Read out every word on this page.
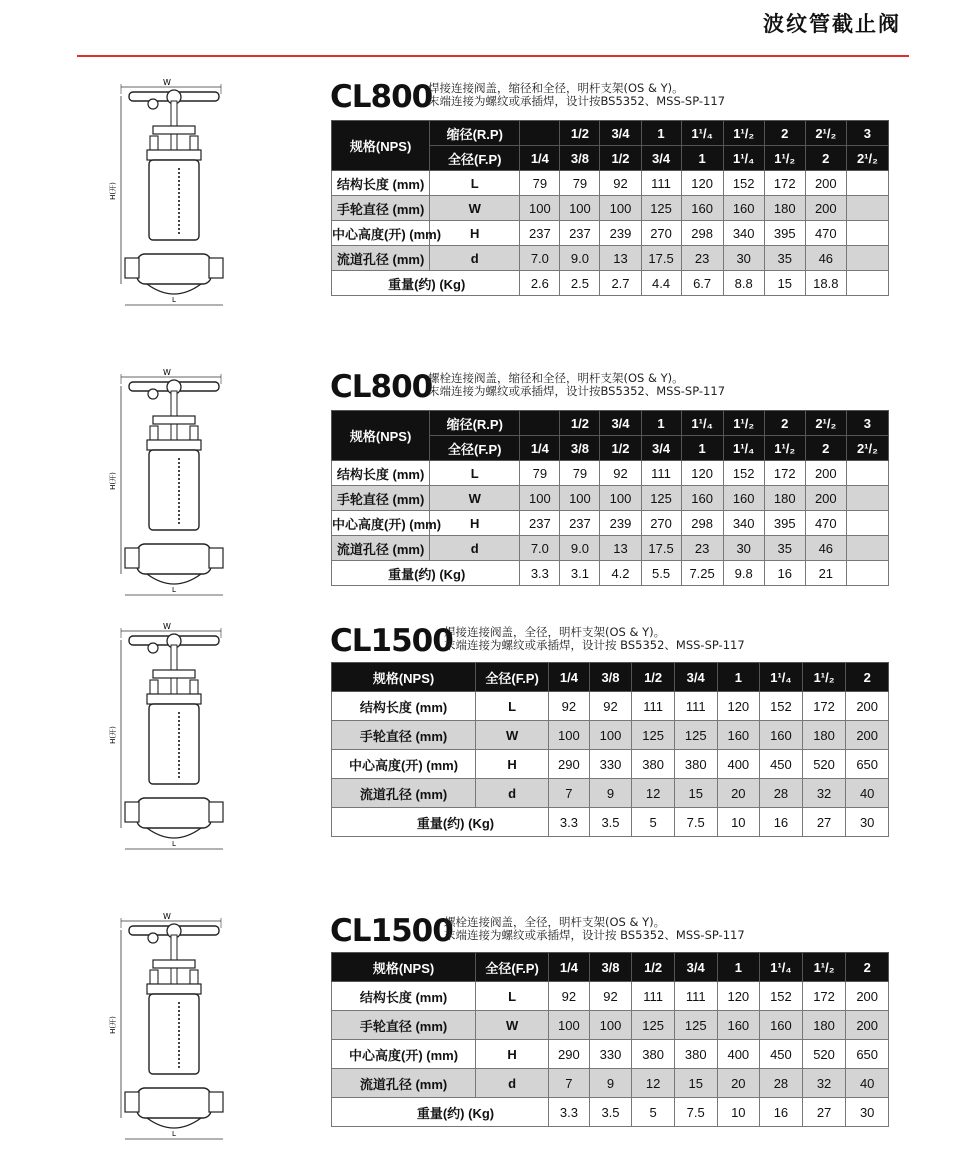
波纹管截止阀
W
L
H(开)
CL800
焊接连接阀盖，缩径和全径，明杆支架(OS & Y)。
末端连接为螺纹或承插焊，设计按BS5352、MSS-SP-117
规格(NPS)	缩径(R.P)		1/2	3/4	1	1¹/₄	1¹/₂	2	2¹/₂	3
	全径(F.P)	1/4	3/8	1/2	3/4	1	1¹/₄	1¹/₂	2	2¹/₂
结构长度 (mm)	L	79	79	92	111	120	152	172	200	
手轮直径 (mm)	W	100	100	100	125	160	160	180	200	
中心高度(开) (mm)	H	237	237	239	270	298	340	395	470	
流道孔径 (mm)	d	7.0	9.0	13	17.5	23	30	35	46	
重量(约) (Kg)		2.6	2.5	2.7	4.4	6.7	8.8	15	18.8	
W
L
H(开)
CL800
螺栓连接阀盖，缩径和全径，明杆支架(OS & Y)。
末端连接为螺纹或承插焊，设计按BS5352、MSS-SP-117
规格(NPS)	缩径(R.P)		1/2	3/4	1	1¹/₄	1¹/₂	2	2¹/₂	3
	全径(F.P)	1/4	3/8	1/2	3/4	1	1¹/₄	1¹/₂	2	2¹/₂
结构长度 (mm)	L	79	79	92	111	120	152	172	200	
手轮直径 (mm)	W	100	100	100	125	160	160	180	200	
中心高度(开) (mm)	H	237	237	239	270	298	340	395	470	
流道孔径 (mm)	d	7.0	9.0	13	17.5	23	30	35	46	
重量(约) (Kg)		3.3	3.1	4.2	5.5	7.25	9.8	16	21	
W
L
H(开)
CL1500
焊接连接阀盖，全径，明杆支架(OS & Y)。
末端连接为螺纹或承插焊，设计按 BS5352、MSS-SP-117
规格(NPS)	全径(F.P)	1/4	3/8	1/2	3/4	1	1¹/₄	1¹/₂	2
结构长度 (mm)	L	92	92	111	111	120	152	172	200
手轮直径 (mm)	W	100	100	125	125	160	160	180	200
中心高度(开) (mm)	H	290	330	380	380	400	450	520	650
流道孔径 (mm)	d	7	9	12	15	20	28	32	40
重量(约) (Kg)		3.3	3.5	5	7.5	10	16	27	30
W
L
H(开)
CL1500
螺栓连接阀盖，全径，明杆支架(OS & Y)。
末端连接为螺纹或承插焊，设计按 BS5352、MSS-SP-117
规格(NPS)	全径(F.P)	1/4	3/8	1/2	3/4	1	1¹/₄	1¹/₂	2
结构长度 (mm)	L	92	92	111	111	120	152	172	200
手轮直径 (mm)	W	100	100	125	125	160	160	180	200
中心高度(开) (mm)	H	290	330	380	380	400	450	520	650
流道孔径 (mm)	d	7	9	12	15	20	28	32	40
重量(约) (Kg)		3.3	3.5	5	7.5	10	16	27	30
